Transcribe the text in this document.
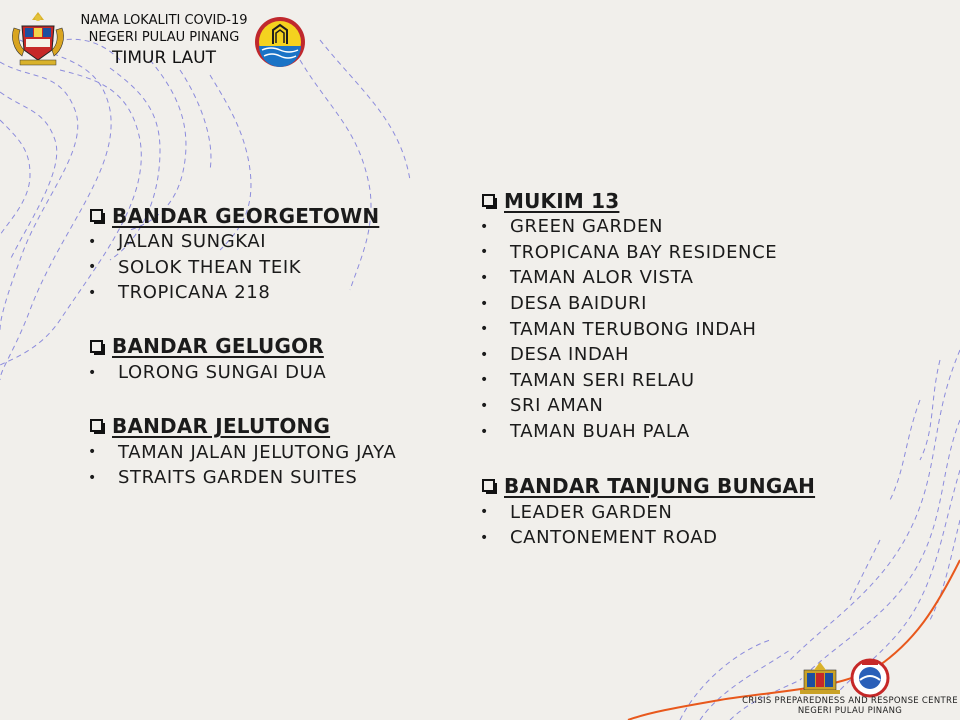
NAMA LOKALITI COVID-19
NEGERI PULAU PINANG
TIMUR LAUT
BANDAR GEORGETOWN
•	JALAN SUNGKAI
•	SOLOK THEAN TEIK
•	TROPICANA 218
BANDAR GELUGOR
•	LORONG SUNGAI DUA
BANDAR JELUTONG
•	TAMAN JALAN JELUTONG JAYA
•	STRAITS GARDEN SUITES
MUKIM 13
•	GREEN GARDEN
•	TROPICANA BAY RESIDENCE
•	TAMAN ALOR VISTA
•	DESA BAIDURI
•	TAMAN TERUBONG INDAH
•	DESA INDAH
•	TAMAN SERI RELAU
•	SRI AMAN
•	TAMAN BUAH PALA
BANDAR TANJUNG BUNGAH
•	LEADER GARDEN
•	CANTONEMENT ROAD
CRISIS PREPAREDNESS AND RESPONSE CENTRE
NEGERI PULAU PINANG
